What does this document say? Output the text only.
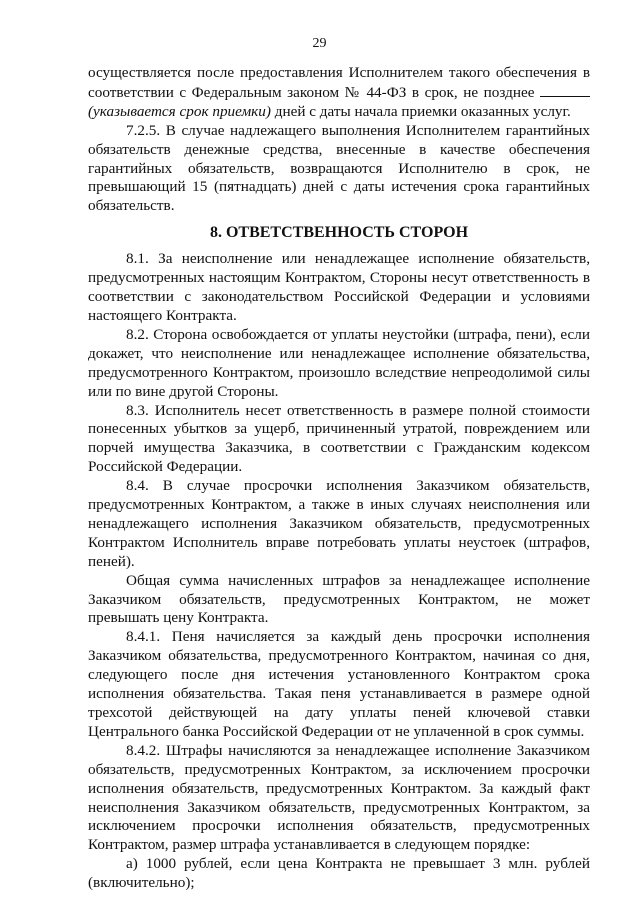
29

осуществляется после предоставления Исполнителем такого обеспечения в соответствии с Федеральным законом № 44-ФЗ в срок, не позднее  (указывается срок приемки) дней с даты начала приемки оказанных услуг.

7.2.5. В случае надлежащего выполнения Исполнителем гарантийных обязательств денежные средства, внесенные в качестве обеспечения гарантийных обязательств, возвращаются Исполнителю в срок, не превышающий 15 (пятнадцать) дней с даты истечения срока гарантийных обязательств.

8. ОТВЕТСТВЕННОСТЬ СТОРОН

8.1. За неисполнение или ненадлежащее исполнение обязательств, предусмотренных настоящим Контрактом, Стороны несут ответственность в соответствии с законодательством Российской Федерации и условиями настоящего Контракта.

8.2. Сторона освобождается от уплаты неустойки (штрафа, пени), если докажет, что неисполнение или ненадлежащее исполнение обязательства, предусмотренного Контрактом, произошло вследствие непреодолимой силы или по вине другой Стороны.

8.3. Исполнитель несет ответственность в размере полной стоимости понесенных убытков за ущерб, причиненный утратой, повреждением или порчей имущества Заказчика, в соответствии с Гражданским кодексом Российской Федерации.

8.4. В случае просрочки исполнения Заказчиком обязательств, предусмотренных Контрактом, а также в иных случаях неисполнения или ненадлежащего исполнения Заказчиком обязательств, предусмотренных Контрактом Исполнитель вправе потребовать уплаты неустоек (штрафов, пеней).

Общая сумма начисленных штрафов за ненадлежащее исполнение Заказчиком обязательств, предусмотренных Контрактом, не может превышать цену Контракта.

8.4.1. Пеня начисляется за каждый день просрочки исполнения Заказчиком обязательства, предусмотренного Контрактом, начиная со дня, следующего после дня истечения установленного Контрактом срока исполнения обязательства. Такая пеня устанавливается в размере одной трехсотой действующей на дату уплаты пеней ключевой ставки Центрального банка Российской Федерации от не уплаченной в срок суммы.

8.4.2. Штрафы начисляются за ненадлежащее исполнение Заказчиком обязательств, предусмотренных Контрактом, за исключением просрочки исполнения обязательств, предусмотренных Контрактом. За каждый факт неисполнения Заказчиком обязательств, предусмотренных Контрактом, за исключением просрочки исполнения обязательств, предусмотренных Контрактом, размер штрафа устанавливается в следующем порядке:

а) 1000 рублей, если цена Контракта не превышает 3 млн. рублей (включительно);
